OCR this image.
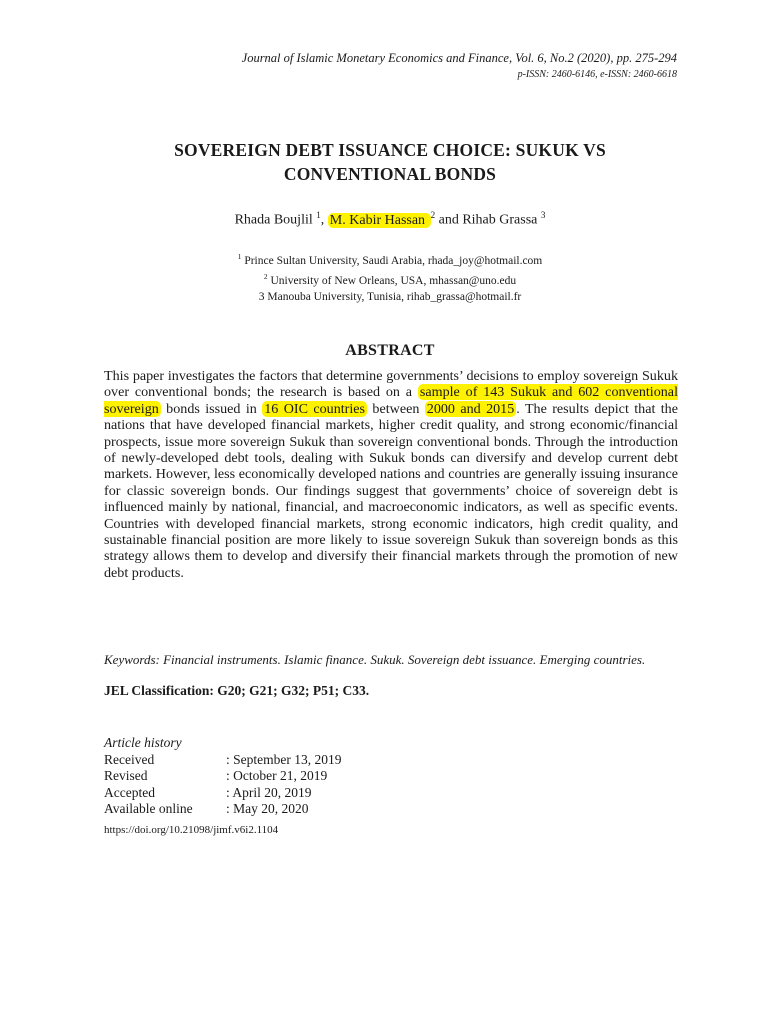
Journal of Islamic Monetary Economics and Finance, Vol. 6, No.2 (2020), pp. 275-294
p-ISSN: 2460-6146, e-ISSN: 2460-6618
SOVEREIGN DEBT ISSUANCE CHOICE: SUKUK VS
CONVENTIONAL BONDS
Rhada Boujlil $^1$, M. Kabir Hassan $^2$ and Rihab Grassa $^3$
$^1$ Prince Sultan University, Saudi Arabia, rhada_joy@hotmail.com
$^2$ University of New Orleans, USA, mhassan@uno.edu
3 Manouba University, Tunisia, rihab_grassa@hotmail.fr
ABSTRACT

This paper investigates the factors that determine governments’ decisions to employ sovereign Sukuk over conventional bonds; the research is based on a sample of 143 Sukuk and 602 conventional sovereign bonds issued in 16 OIC countries between 2000 and 2015 . The results depict that the nations that have developed financial markets, higher credit quality, and strong economic/financial prospects, issue more sovereign Sukuk than sovereign conventional bonds. Through the introduction of newly-developed debt tools, dealing with Sukuk bonds can diversify and develop current debt markets. However, less economically developed nations and countries are generally issuing insurance for classic sovereign bonds. Our findings suggest that governments’ choice of sovereign debt is influenced mainly by national, financial, and macroeconomic indicators, as well as specific events. Countries with developed financial markets, strong economic indicators, high credit quality, and sustainable financial position are more likely to issue sovereign Sukuk than sovereign bonds as this strategy allows them to develop and diversify their financial markets through the promotion of new debt products.

Keywords: Financial instruments. Islamic finance. Sukuk. Sovereign debt issuance. Emerging countries.
JEL Classification: G20; G21; G32; P51; C33.
Article history
Received	: September 13, 2019
Revised	: October 21, 2019
Accepted	: April 20, 2019
Available online	: May 20, 2020
https://doi.org/10.21098/jimf.v6i2.1104
